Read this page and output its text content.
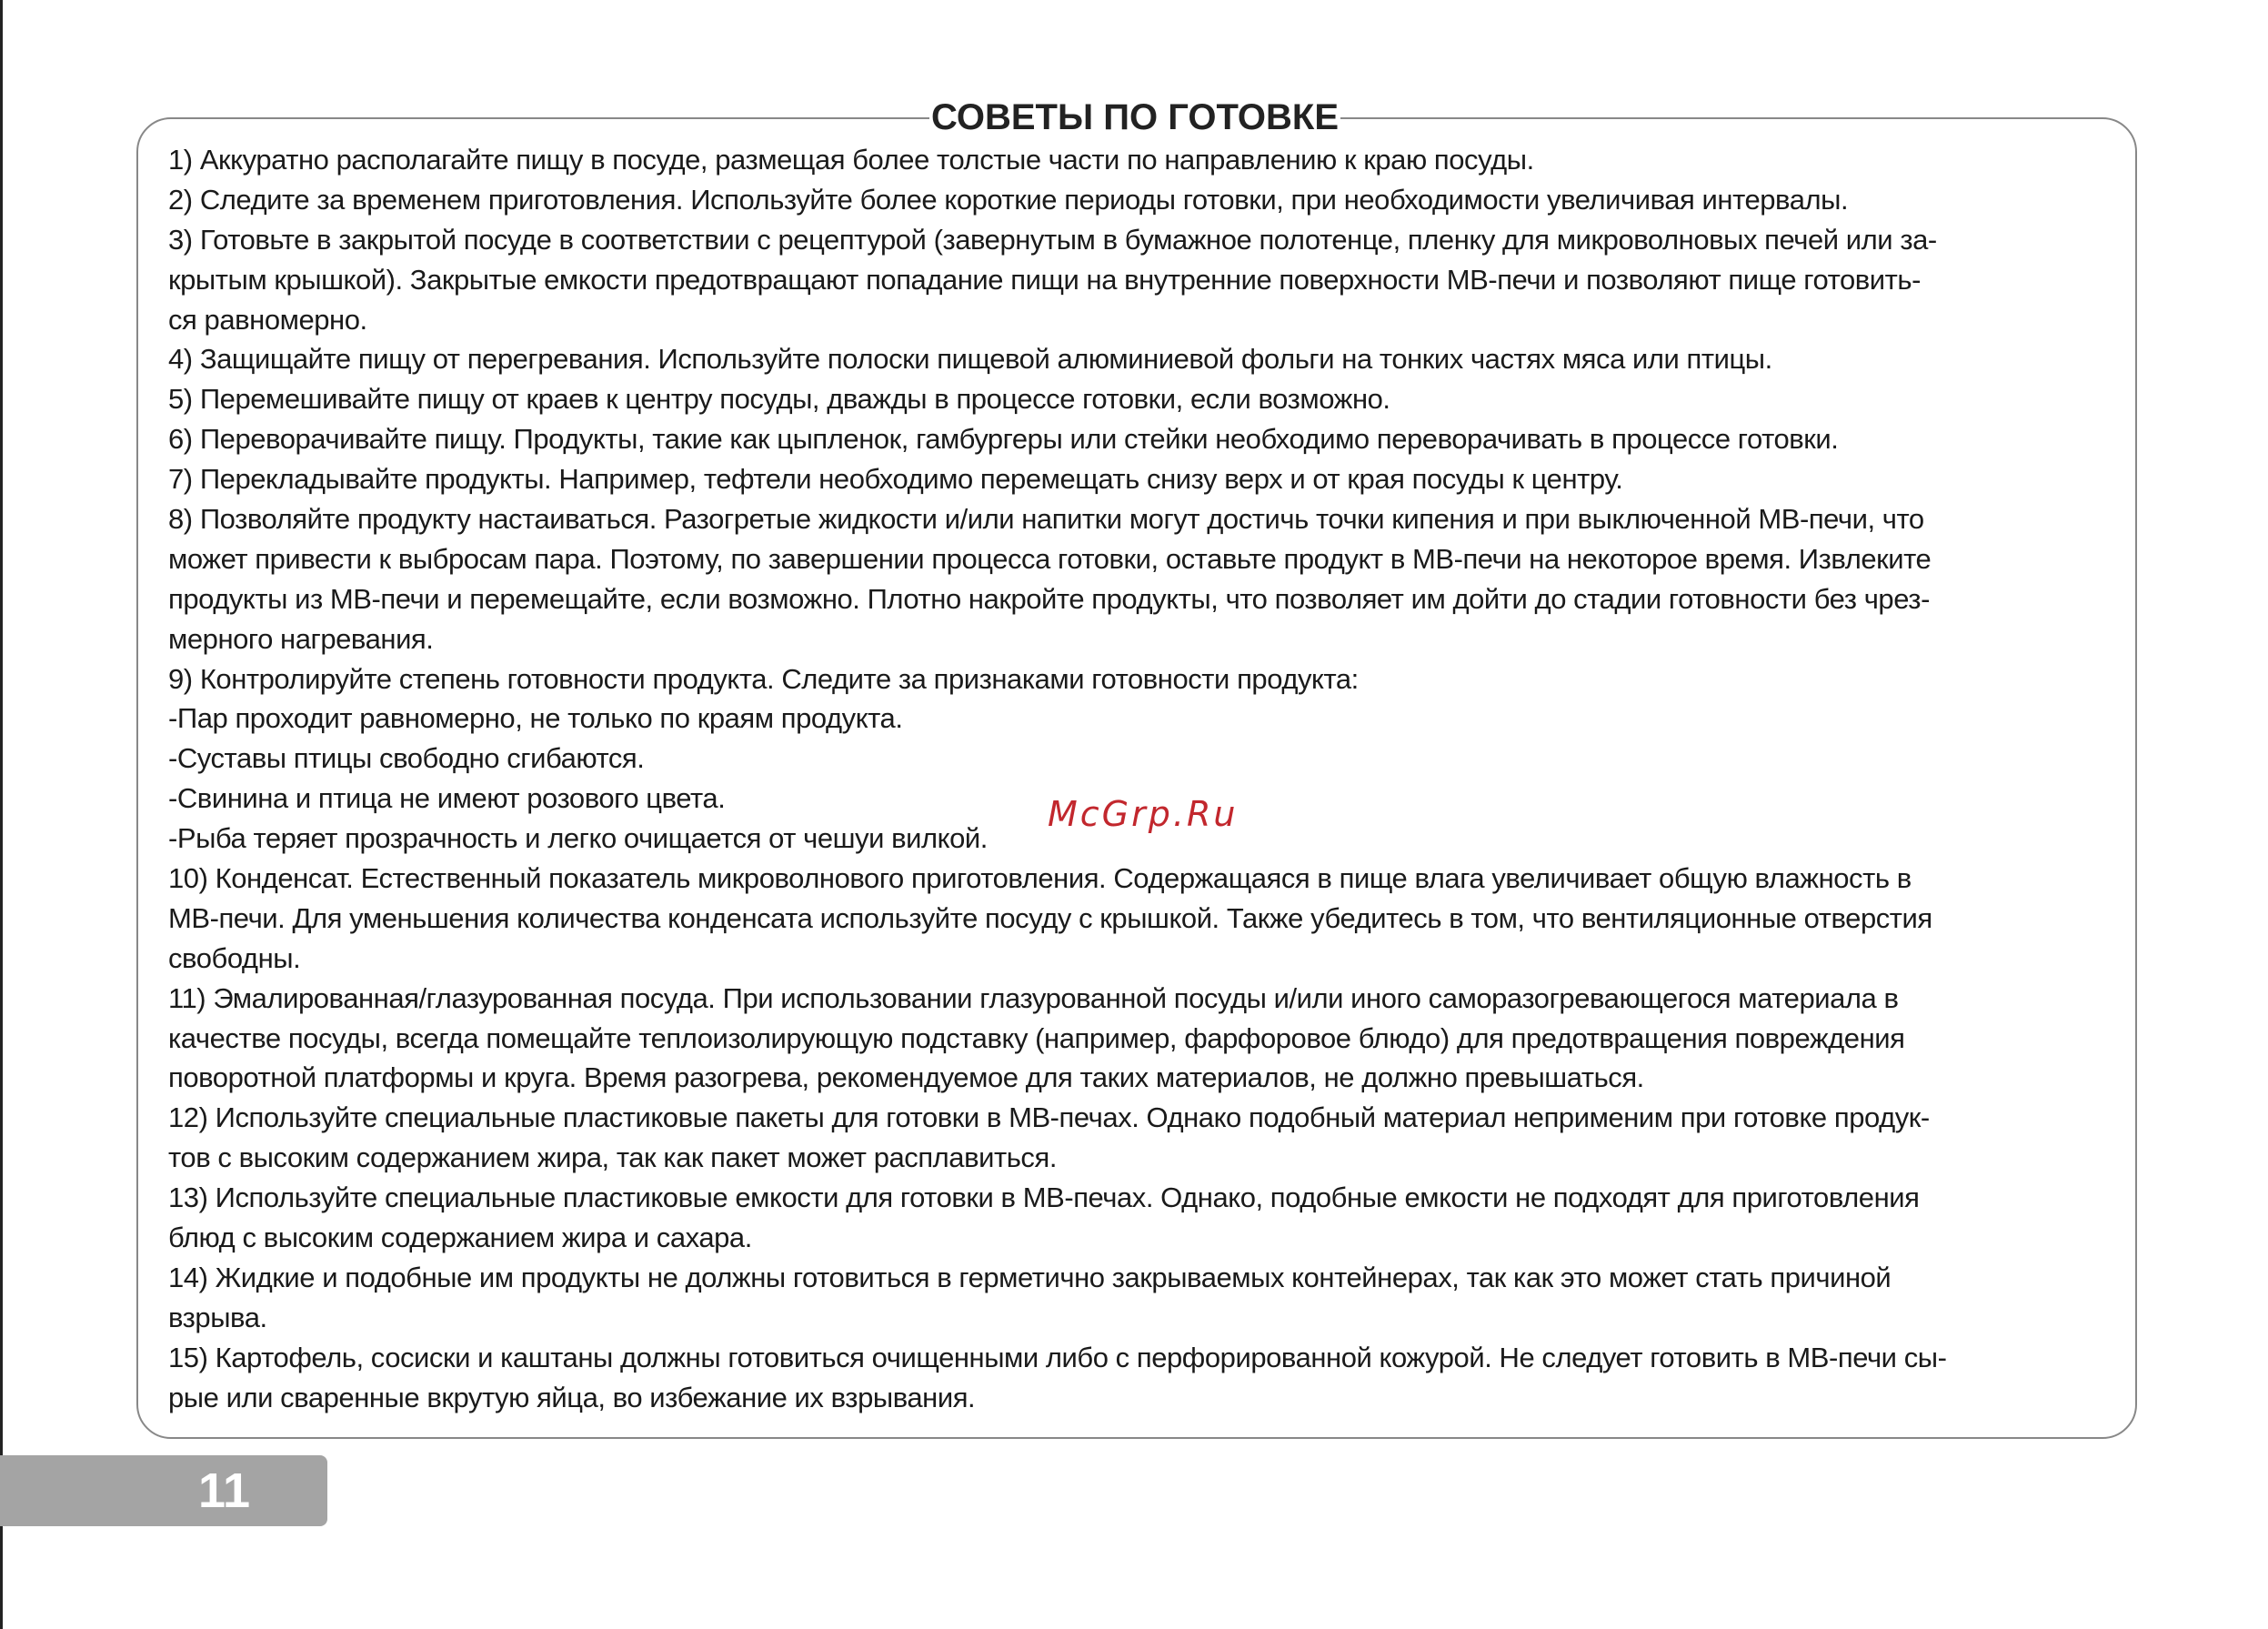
СОВЕТЫ ПО ГОТОВКЕ
1) Аккуратно располагайте пищу в посуде, размещая более толстые части по направлению к краю посуды.
2) Следите за временем приготовления. Используйте более короткие периоды готовки, при необходимости увеличивая интервалы.
3) Готовьте в закрытой посуде в соответствии с рецептурой (завернутым в бумажное полотенце, пленку для микроволновых печей или за-
крытым крышкой). Закрытые емкости предотвращают попадание пищи на внутренние поверхности МВ-печи и позволяют пище готовить-
ся равномерно.
4) Защищайте пищу от перегревания. Используйте полоски пищевой алюминиевой фольги на тонких частях мяса или птицы.
5) Перемешивайте пищу от краев к центру посуды, дважды в процессе готовки, если возможно.
6) Переворачивайте пищу. Продукты, такие как цыпленок, гамбургеры или стейки необходимо переворачивать в процессе готовки.
7) Перекладывайте продукты. Например, тефтели необходимо перемещать снизу верх и от края посуды к центру.
8) Позволяйте продукту настаиваться. Разогретые жидкости и/или напитки могут достичь точки кипения и при выключенной МВ-печи, что
может привести к выбросам пара. Поэтому, по завершении процесса готовки, оставьте продукт в МВ-печи на некоторое время. Извлеките
продукты из МВ-печи и перемещайте, если возможно. Плотно накройте продукты, что позволяет им дойти до стадии готовности без чрез-
мерного нагревания.
9) Контролируйте степень готовности продукта. Следите за признаками готовности продукта:
-Пар проходит равномерно, не только по краям продукта.
-Суставы птицы свободно сгибаются.
-Свинина и птица не имеют розового цвета.
-Рыба теряет прозрачность и легко очищается от чешуи вилкой.
10) Конденсат. Естественный показатель микроволнового приготовления. Содержащаяся в пище влага увеличивает общую влажность в
МВ-печи. Для уменьшения количества конденсата используйте посуду с крышкой. Также убедитесь в том, что вентиляционные отверстия
свободны.
11) Эмалированная/глазурованная посуда. При использовании глазурованной посуды и/или иного саморазогревающегося материала в
качестве посуды, всегда помещайте теплоизолирующую подставку (например, фарфоровое блюдо) для предотвращения повреждения
поворотной платформы и круга. Время разогрева, рекомендуемое для таких материалов, не должно превышаться.
12) Используйте специальные пластиковые пакеты для готовки в МВ-печах. Однако подобный материал неприменим при готовке продук-
тов с высоким содержанием жира, так как пакет может расплавиться.
13) Используйте специальные пластиковые емкости для готовки в МВ-печах. Однако, подобные емкости не подходят для приготовления
блюд с высоким содержанием жира и сахара.
14) Жидкие и подобные им продукты не должны готовиться в герметично закрываемых контейнерах, так как это может стать причиной
взрыва.
15) Картофель, сосиски и каштаны должны готовиться очищенными либо с перфорированной кожурой. Не следует готовить в МВ-печи сы-
рые или сваренные вкрутую яйца, во избежание их взрывания.
McGrp.Ru
11
